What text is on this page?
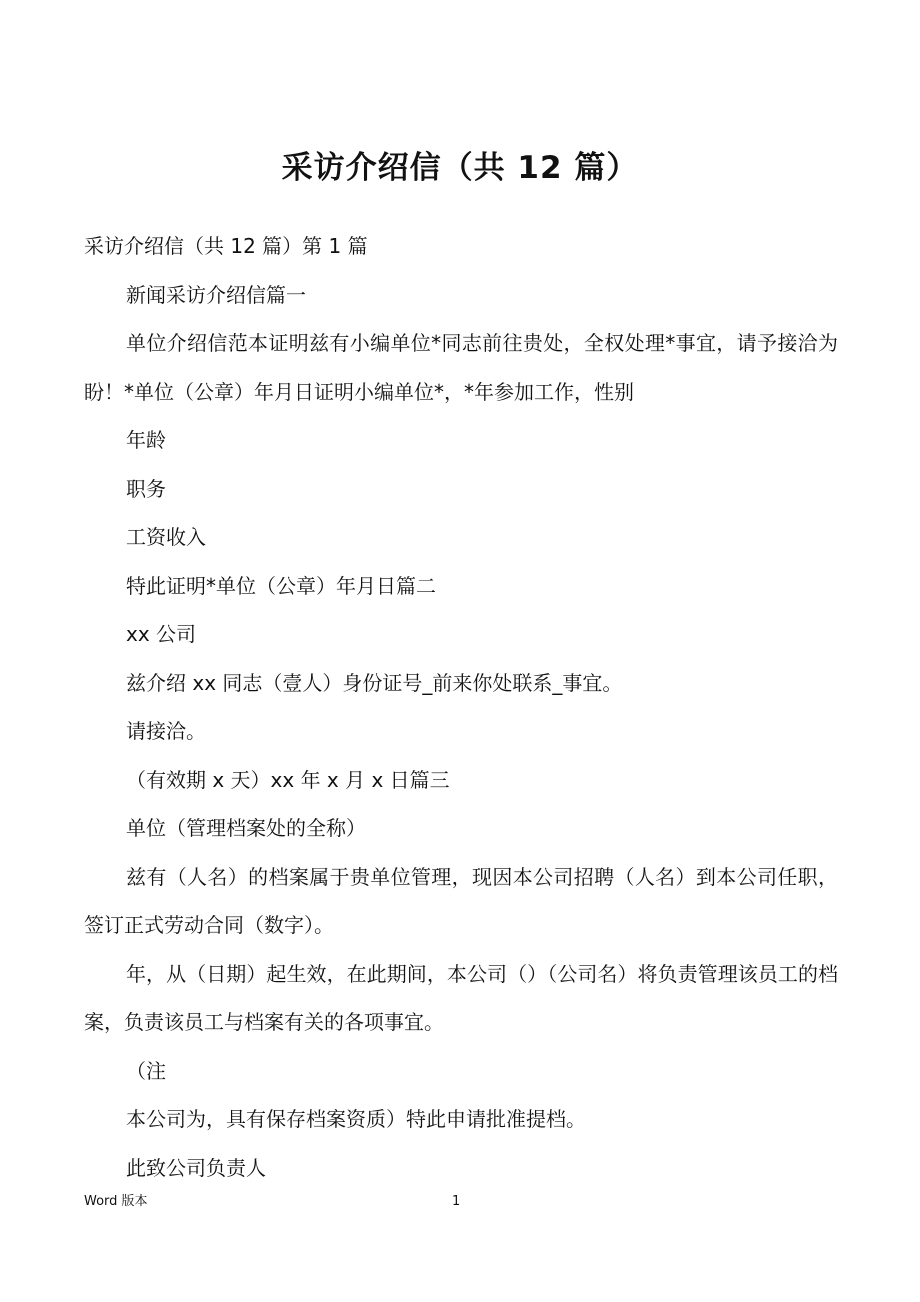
采访介绍信（共 12 篇）

采访介绍信（共 12 篇）第 1 篇

新闻采访介绍信篇一

单位介绍信范本证明兹有小编单位*同志前往贵处，全权处理*事宜，请予接洽为盼！*单位（公章）年月日证明小编单位*，*年参加工作，性别

年龄

职务

工资收入

特此证明*单位（公章）年月日篇二

xx 公司

兹介绍 xx 同志（壹人）身份证号_前来你处联系_事宜。

请接洽。

（有效期 x 天）xx 年 x 月 x 日篇三

单位（管理档案处的全称）

兹有（人名）的档案属于贵单位管理，现因本公司招聘（人名）到本公司任职，签订正式劳动合同（数字）。

年，从（日期）起生效，在此期间，本公司（）（公司名）将负责管理该员工的档案，负责该员工与档案有关的各项事宜。

（注

本公司为，具有保存档案资质）特此申请批准提档。

此致公司负责人

Word 版本	1
